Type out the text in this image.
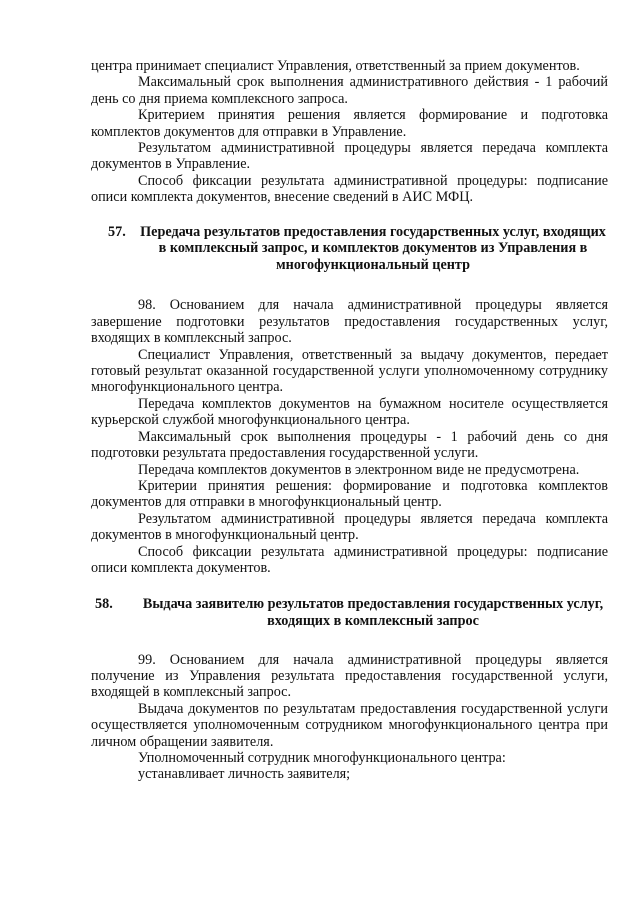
центра принимает специалист Управления, ответственный за прием документов.

Максимальный срок выполнения административного действия - 1 рабочий день со дня приема комплексного запроса.

Критерием принятия решения является формирование и подготовка комплектов документов для отправки в Управление.

Результатом административной процедуры является передача комплекта документов в Управление.

Способ фиксации результата административной процедуры: подписание описи комплекта документов, внесение сведений в АИС МФЦ.

57.	Передача результатов предоставления государственных услуг, входящих в комплексный запрос, и комплектов документов из Управления в многофункциональный центр

98. Основанием для начала административной процедуры является завершение подготовки результатов предоставления государственных услуг, входящих в комплексный запрос.

Специалист Управления, ответственный за выдачу документов, передает готовый результат оказанной государственной услуги уполномоченному сотруднику многофункционального центра.

Передача комплектов документов на бумажном носителе осуществляется курьерской службой многофункционального центра.

Максимальный срок выполнения процедуры - 1 рабочий день со дня подготовки результата предоставления государственной услуги.

Передача комплектов документов в электронном виде не предусмотрена.

Критерии принятия решения: формирование и подготовка комплектов документов для отправки в многофункциональный центр.

Результатом административной процедуры является передача комплекта документов в многофункциональный центр.

Способ фиксации результата административной процедуры: подписание описи комплекта документов.

58.	Выдача заявителю результатов предоставления государственных услуг, входящих в комплексный запрос

99. Основанием для начала административной процедуры является получение из Управления результата предоставления государственной услуги, входящей в комплексный запрос.

Выдача документов по результатам предоставления государственной услуги осуществляется уполномоченным сотрудником многофункционального центра при личном обращении заявителя.

Уполномоченный сотрудник многофункционального центра:

устанавливает личность заявителя;
